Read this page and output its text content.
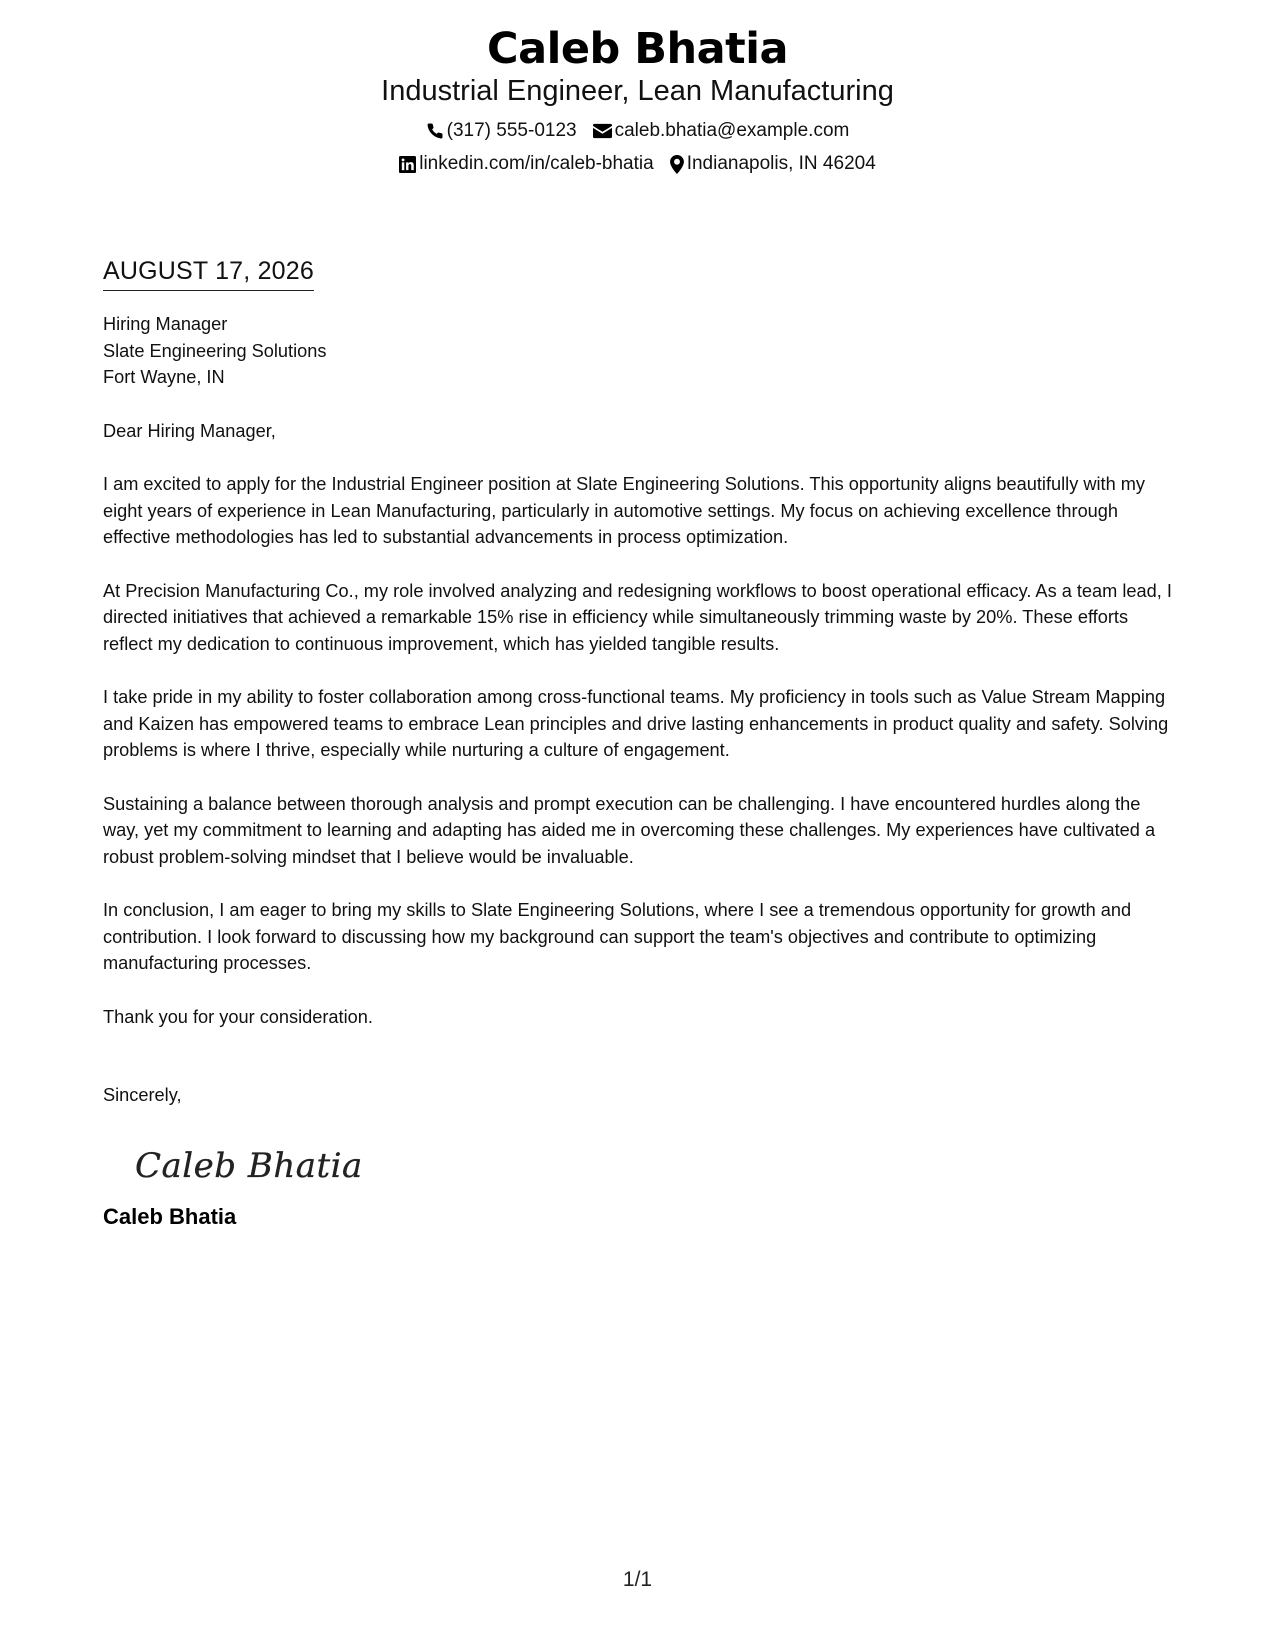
Caleb Bhatia
Industrial Engineer, Lean Manufacturing
(317) 555-0123 caleb.bhatia@example.com
linkedin.com/in/caleb-bhatia Indianapolis, IN 46204
AUGUST 17, 2026
Hiring Manager
Slate Engineering Solutions
Fort Wayne, IN
Dear Hiring Manager,

I am excited to apply for the Industrial Engineer position at Slate Engineering Solutions. This opportunity aligns beautifully with my eight years of experience in Lean Manufacturing, particularly in automotive settings. My focus on achieving excellence through effective methodologies has led to substantial advancements in process optimization.

At Precision Manufacturing Co., my role involved analyzing and redesigning workflows to boost operational efficacy. As a team lead, I directed initiatives that achieved a remarkable 15% rise in efficiency while simultaneously trimming waste by 20%. These efforts reflect my dedication to continuous improvement, which has yielded tangible results.

I take pride in my ability to foster collaboration among cross-functional teams. My proficiency in tools such as Value Stream Mapping and Kaizen has empowered teams to embrace Lean principles and drive lasting enhancements in product quality and safety. Solving problems is where I thrive, especially while nurturing a culture of engagement.

Sustaining a balance between thorough analysis and prompt execution can be challenging. I have encountered hurdles along the way, yet my commitment to learning and adapting has aided me in overcoming these challenges. My experiences have cultivated a robust problem-solving mindset that I believe would be invaluable.

In conclusion, I am eager to bring my skills to Slate Engineering Solutions, where I see a tremendous opportunity for growth and contribution. I look forward to discussing how my background can support the team's objectives and contribute to optimizing manufacturing processes.

Thank you for your consideration.

Sincerely,
Caleb Bhatia
Caleb Bhatia
1/1
